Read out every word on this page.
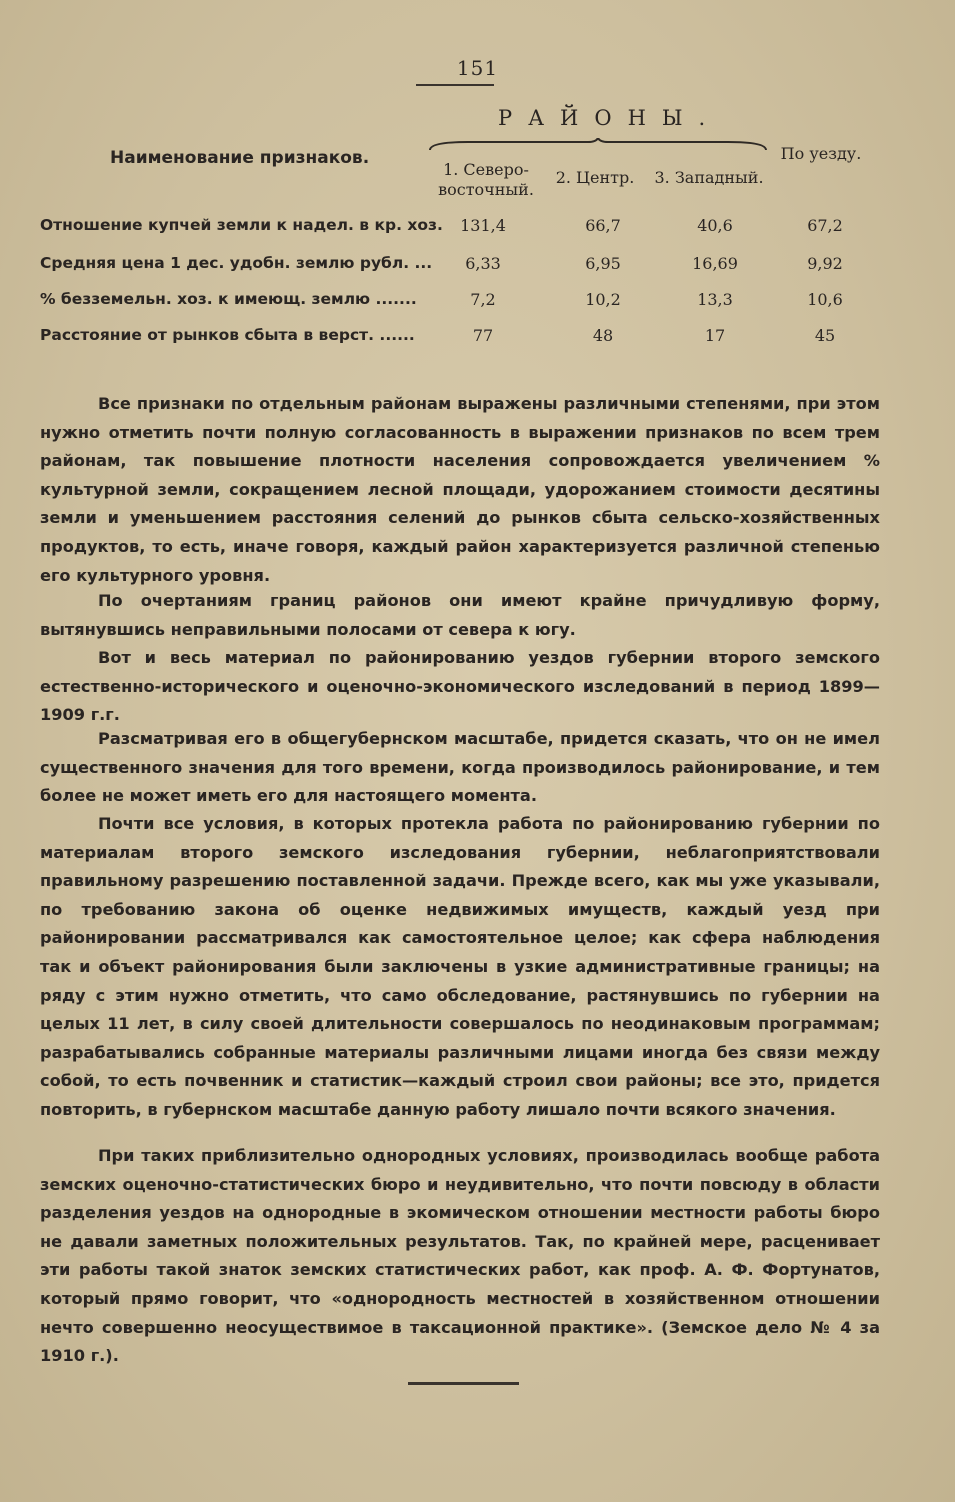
151
РАЙОНЫ.
Наименование признаков.
1. Северо-
восточный.
2. Центр.	3. Западный.
По уезду.
Отношение купчей земли к надел. в кр. хоз.	131,4	66,7	40,6	67,2
Средняя цена 1 дес. удобн. землю рубл. ...	6,33	6,95	16,69	9,92
% безземельн. хоз. к имеющ. землю .......	7,2	10,2	13,3	10,6
Расстояние от рынков сбыта в верст. ......	77	48	17	45

Все признаки по отдельным районам выражены различными степенями, при этом нужно отметить почти полную согласованность в выражении признаков по всем трем районам, так повышение плотности населения сопровождается увеличением % культурной земли, сокращением лесной площади, удорожанием стоимости десятины земли и уменьшением расстояния селений до рынков сбыта сельско-хозяйственных продуктов, то есть, иначе говоря, каждый район характеризуется различной степенью его культурного уровня.

По очертаниям границ районов они имеют крайне причудливую форму, вытянувшись неправильными полосами от севера к югу.

Вот и весь материал по районированию уездов губернии второго земского естественно-исторического и оценочно-экономического изследований в период 1899—1909 г.г.

Разсматривая его в общегубернском масштабе, придется сказать, что он не имел существенного значения для того времени, когда производилось районирование, и тем более не может иметь его для настоящего момента.

Почти все условия, в которых протекла работа по районированию губернии по материалам второго земского изследования губернии, неблагоприятствовали правильному разрешению поставленной задачи. Прежде всего, как мы уже указывали, по требованию закона об оценке недвижимых имуществ, каждый уезд при районировании рассматривался как самостоятельное целое; как сфера наблюдения так и объект районирования были заключены в узкие административные границы; на ряду с этим нужно отметить, что само обследование, растянувшись по губернии на целых 11 лет, в силу своей длительности совершалось по неодинаковым программам; разрабатывались собранные материалы различными лицами иногда без связи между собой, то есть почвенник и статистик—каждый строил свои районы; все это, придется повторить, в губернском масштабе данную работу лишало почти всякого значения.

При таких приблизительно однородных условиях, производилась вообще работа земских оценочно-статистических бюро и неудивительно, что почти повсюду в области разделения уездов на однородные в экомическом отношении местности работы бюро не давали заметных положительных результатов. Так, по крайней мере, расценивает эти работы такой знаток земских статистических работ, как проф. А. Ф. Фортунатов, который прямо говорит, что «однородность местностей в хозяйственном отношении нечто совершенно неосуществимое в таксационной практике». (Земское дело № 4 за 1910 г.).
